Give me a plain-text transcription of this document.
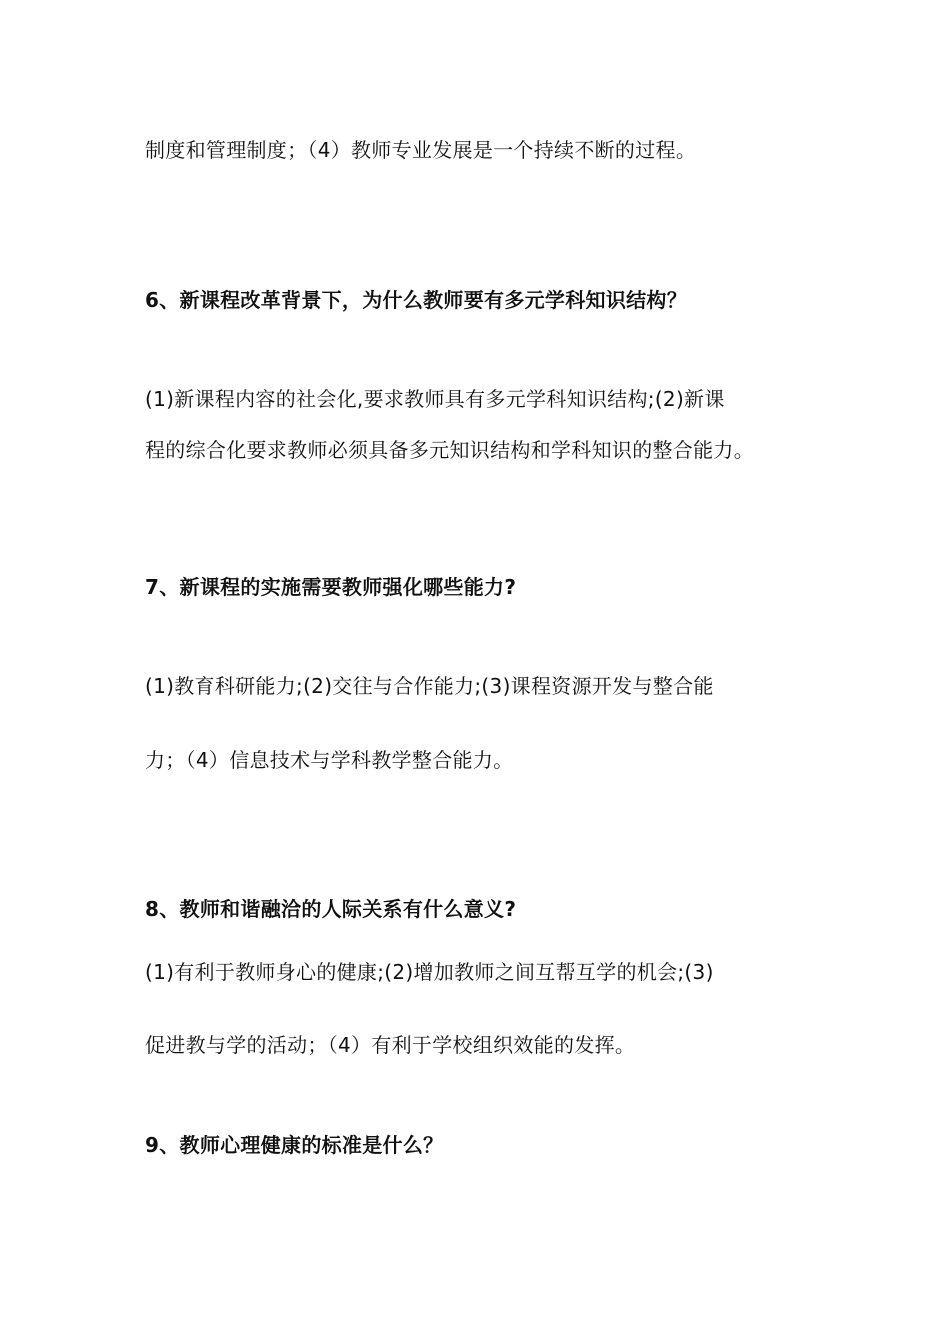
制度和管理制度；（4）教师专业发展是一个持续不断的过程。
6、新课程改革背景下，为什么教师要有多元学科知识结构？
(1)新课程内容的社会化,要求教师具有多元学科知识结构;(2)新课
程的综合化要求教师必须具备多元知识结构和学科知识的整合能力。
7、新课程的实施需要教师强化哪些能力?
(1)教育科研能力;(2)交往与合作能力;(3)课程资源开发与整合能
力；（4）信息技术与学科教学整合能力。
8、教师和谐融洽的人际关系有什么意义?
(1)有利于教师身心的健康;(2)增加教师之间互帮互学的机会;(3)
促进教与学的活动；（4）有利于学校组织效能的发挥。
9、教师心理健康的标准是什么？
